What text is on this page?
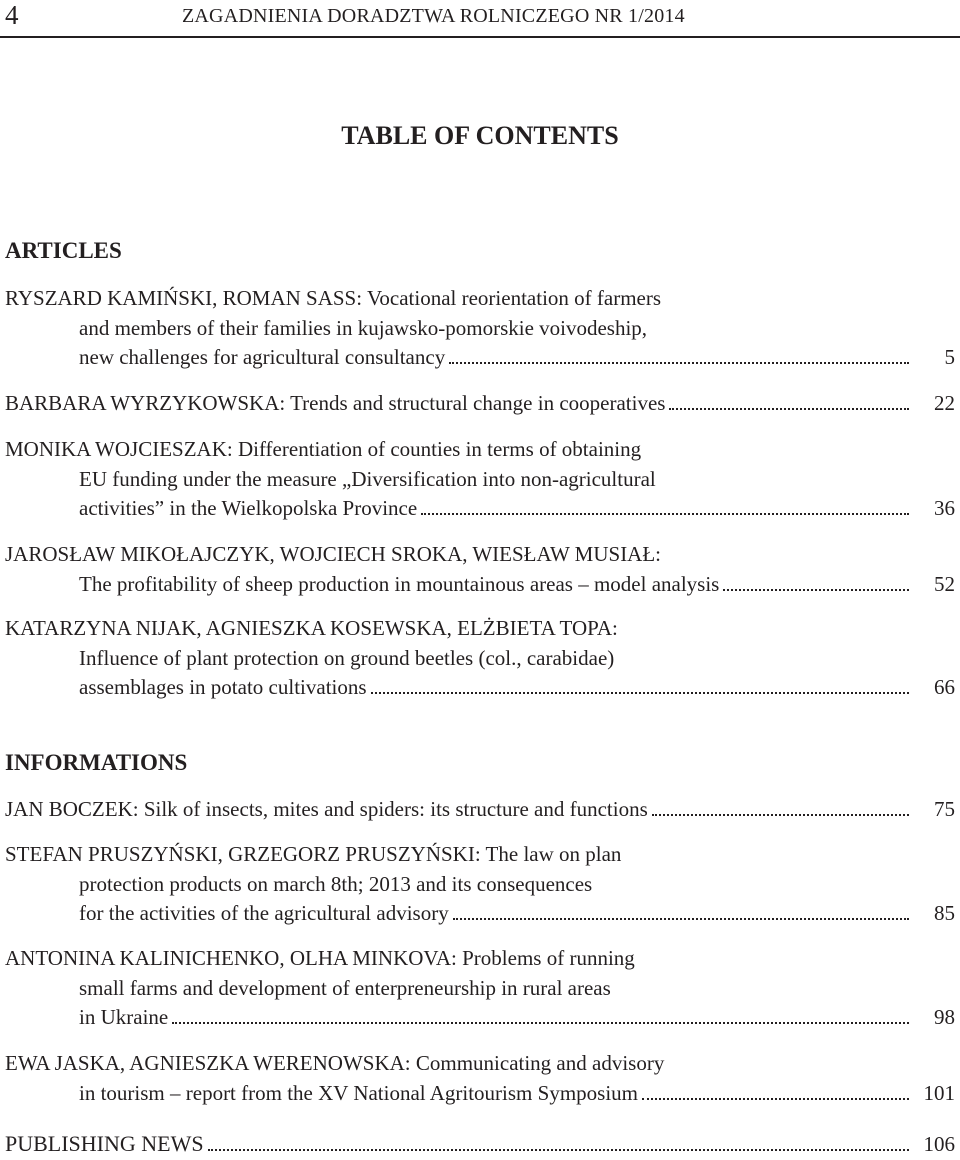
4	ZAGADNIENIA DORADZTWA ROLNICZEGO NR 1/2014
TABLE OF CONTENTS
ARTICLES
RYSZARD KAMIŃSKI, ROMAN SASS: Vocational reorientation of farmers
and members of their families in kujawsko-pomorskie voivodeship,
new challenges for agricultural consultancy	5
BARBARA WYRZYKOWSKA: Trends and structural change in cooperatives	22
MONIKA WOJCIESZAK: Differentiation of counties in terms of obtaining
EU funding under the measure „Diversification into non-agricultural
activities” in the Wielkopolska Province	36
JAROSŁAW MIKOŁAJCZYK, WOJCIECH SROKA, WIESŁAW MUSIAŁ:
The profitability of sheep production in mountainous areas – model analysis	52
KATARZYNA NIJAK, AGNIESZKA KOSEWSKA, ELŻBIETA TOPA:
Influence of plant protection on ground beetles (col., carabidae)
assemblages in potato cultivations	66
INFORMATIONS
JAN BOCZEK: Silk of insects, mites and spiders: its structure and functions	75
STEFAN PRUSZYŃSKI, GRZEGORZ PRUSZYŃSKI: The law on plan
protection products on march 8th; 2013 and its consequences
for the activities of the agricultural advisory	85
ANTONINA KALINICHENKO, OLHA MINKOVA: Problems of running
small farms and development of enterpreneurship in rural areas
in Ukraine	98
EWA JASKA, AGNIESZKA WERENOWSKA: Communicating and advisory
in tourism – report from the XV National Agritourism Symposium	101
PUBLISHING NEWS	106
